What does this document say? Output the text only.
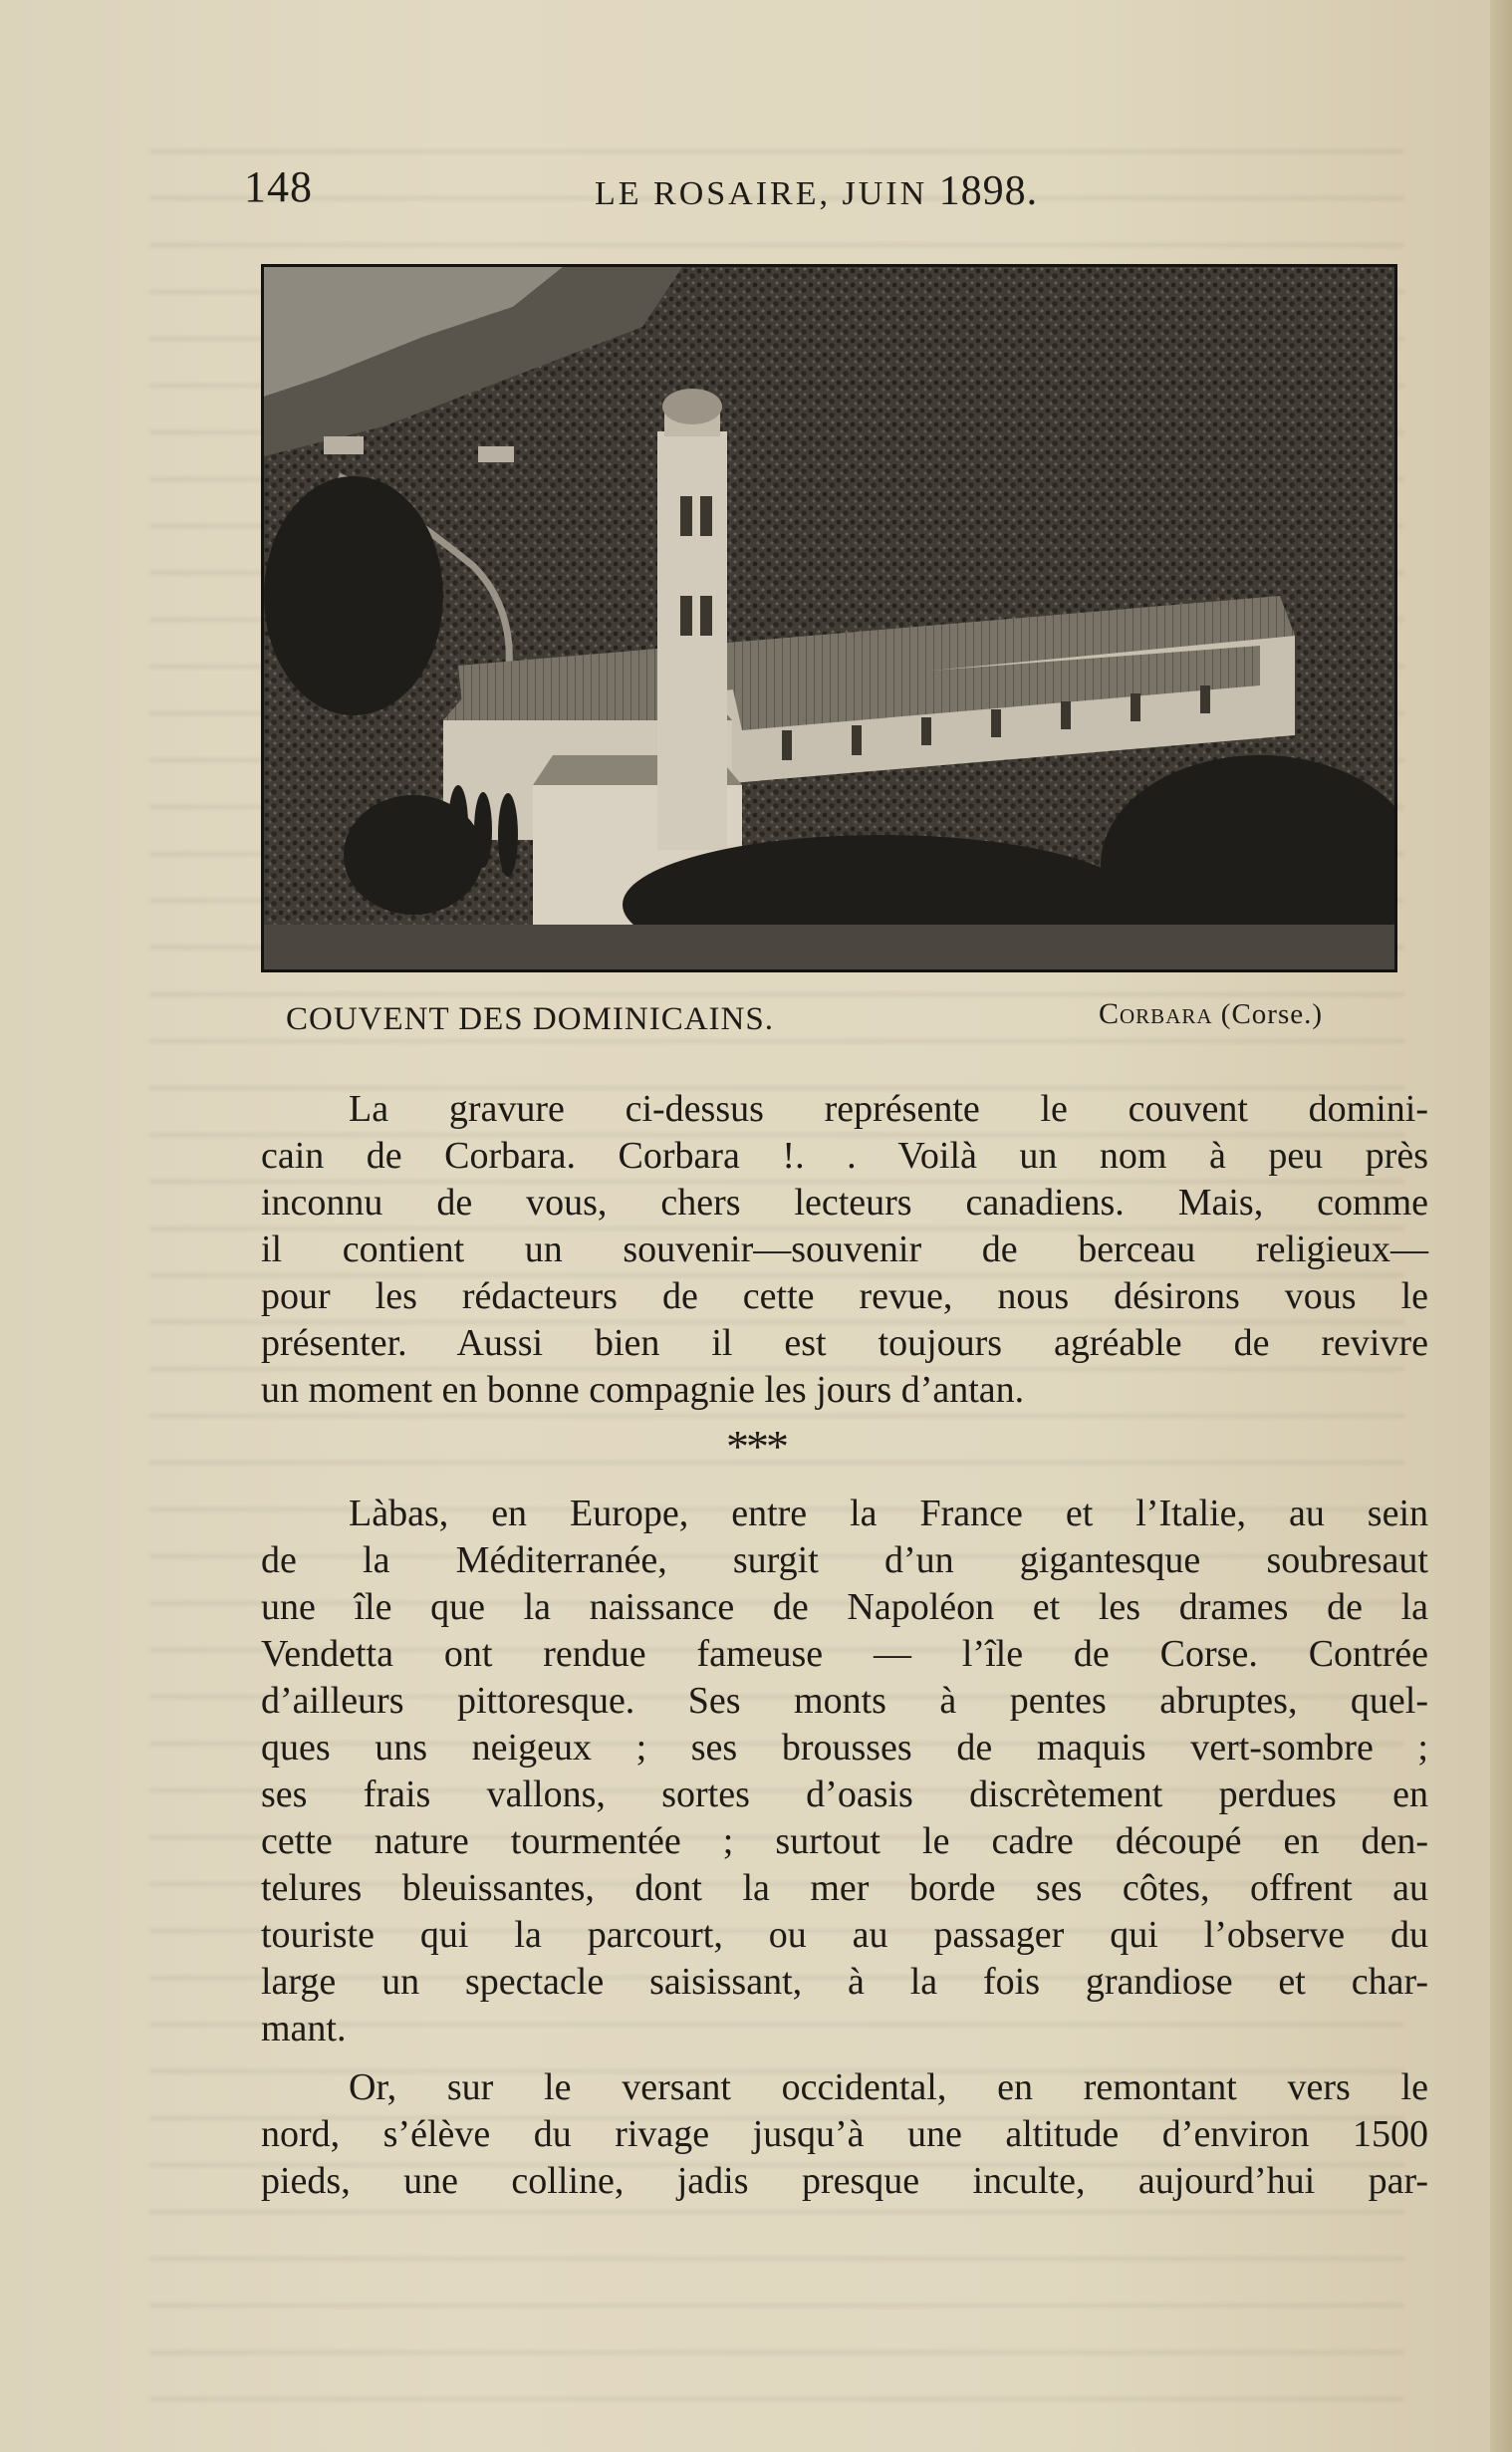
148	LE ROSAIRE, JUIN 1898.
COUVENT DES DOMINICAINS.	Corbara (Corse.)
La gravure ci-dessus représente le couvent domini-
cain de Corbara. Corbara !. . Voilà un nom à peu près
inconnu de vous, chers lecteurs canadiens. Mais, comme
il contient un souvenir—souvenir de berceau religieux—
pour les rédacteurs de cette revue, nous désirons vous le
présenter. Aussi bien il est toujours agréable de revivre
un moment en bonne compagnie les jours d’antan.
***
Làbas, en Europe, entre la France et l’Italie, au sein
de la Méditerranée, surgit d’un gigantesque soubresaut
une île que la naissance de Napoléon et les drames de la
Vendetta ont rendue fameuse — l’île de Corse. Contrée
d’ailleurs pittoresque. Ses monts à pentes abruptes, quel-
ques uns neigeux ; ses brousses de maquis vert-sombre ;
ses frais vallons, sortes d’oasis discrètement perdues en
cette nature tourmentée ; surtout le cadre découpé en den-
telures bleuissantes, dont la mer borde ses côtes, offrent au
touriste qui la parcourt, ou au passager qui l’observe du
large un spectacle saisissant, à la fois grandiose et char-
mant.
Or, sur le versant occidental, en remontant vers le
nord, s’élève du rivage jusqu’à une altitude d’environ 1500
pieds, une colline, jadis presque inculte, aujourd’hui par-
